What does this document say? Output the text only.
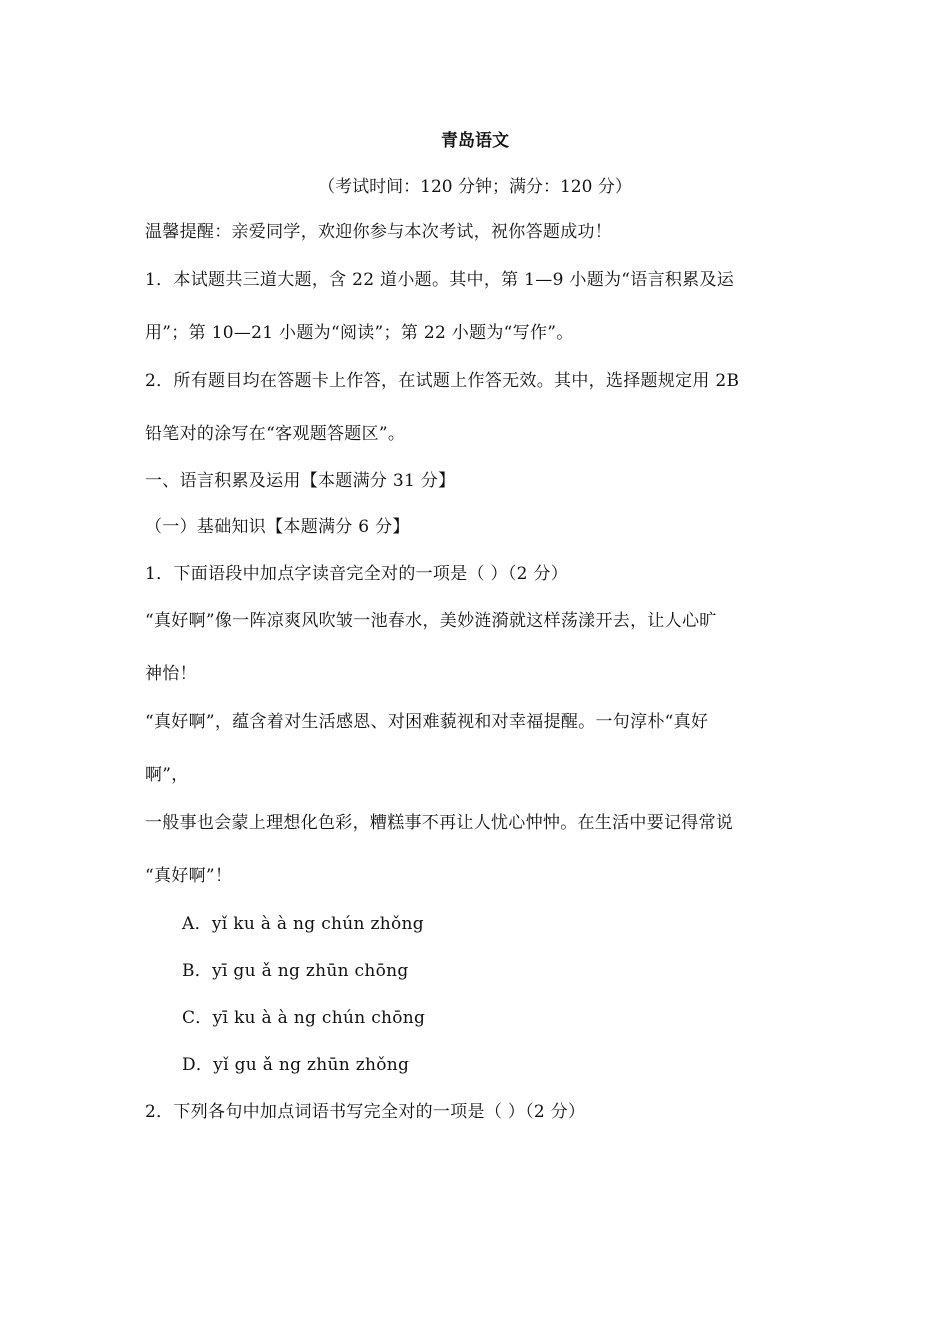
青岛语文
（考试时间：120 分钟；满分：120 分）
温馨提醒：亲爱同学，欢迎你参与本次考试，祝你答题成功！
1．本试题共三道大题，含 22 道小题。其中，第 1—9 小题为“语言积累及运
用”；第 10—21 小题为“阅读”；第 22 小题为“写作”。
2．所有题目均在答题卡上作答，在试题上作答无效。其中，选择题规定用 2B
铅笔对的涂写在“客观题答题区”。
一、语言积累及运用【本题满分 31 分】
（一）基础知识【本题满分 6 分】
1．下面语段中加点字读音完全对的一项是（ ）（2 分）
“真好啊”像一阵凉爽风吹皱一池春水，美妙涟漪就这样荡漾开去，让人心旷
神怡！
“真好啊”，蕴含着对生活感恩、对困难藐视和对幸福提醒。一句淳朴“真好
啊”，
一般事也会蒙上理想化色彩，糟糕事不再让人忧心忡忡。在生活中要记得常说
“真好啊”！
A．yǐ ku à à ng chún zhǒng
B．yī gu ǎ ng zhūn chōng
C．yī ku à à ng chún chōng
D．yǐ gu ǎ ng zhūn zhǒng
2．下列各句中加点词语书写完全对的一项是（ ）（2 分）
